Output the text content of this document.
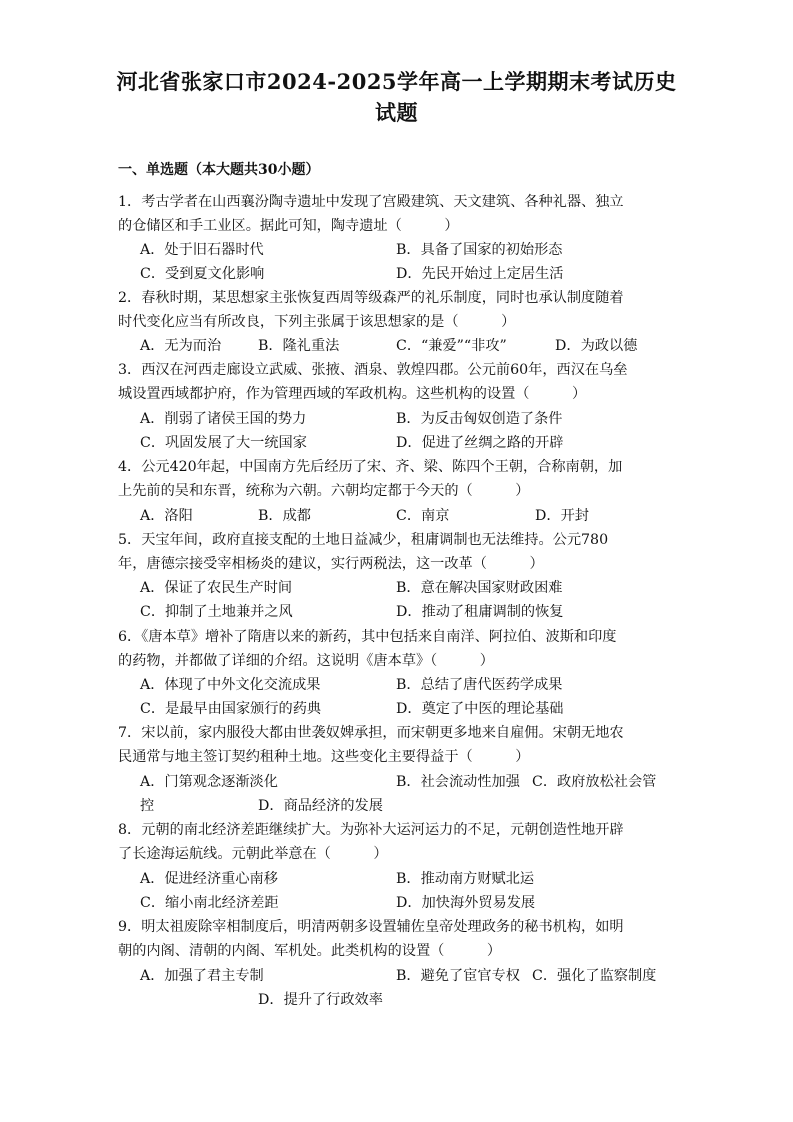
河北省张家口市2024-2025学年高一上学期期末考试历史
试题
一、单选题（本大题共30小题）
1．考古学者在山西襄汾陶寺遗址中发现了宫殿建筑、天文建筑、各种礼器、独立
的仓储区和手工业区。据此可知，陶寺遗址（　　　）
A．处于旧石器时代	B．具备了国家的初始形态
C．受到夏文化影响	D．先民开始过上定居生活
2．春秋时期，某思想家主张恢复西周等级森严的礼乐制度，同时也承认制度随着
时代变化应当有所改良，下列主张属于该思想家的是（　　　）
A．无为而治	B．隆礼重法	C．“兼爱”“非攻”	D．为政以德
3．西汉在河西走廊设立武威、张掖、酒泉、敦煌四郡。公元前60年，西汉在乌垒
城设置西域都护府，作为管理西域的军政机构。这些机构的设置（　　　）
A．削弱了诸侯王国的势力	B．为反击匈奴创造了条件
C．巩固发展了大一统国家	D．促进了丝绸之路的开辟
4．公元420年起，中国南方先后经历了宋、齐、梁、陈四个王朝，合称南朝，加
上先前的吴和东晋，统称为六朝。六朝均定都于今天的（　　　）
A．洛阳	B．成都	C．南京	D．开封
5．天宝年间，政府直接支配的土地日益减少，租庸调制也无法维持。公元780
年，唐德宗接受宰相杨炎的建议，实行两税法，这一改革（　　　）
A．保证了农民生产时间	B．意在解决国家财政困难
C．抑制了土地兼并之风	D．推动了租庸调制的恢复
6．《唐本草》增补了隋唐以来的新药，其中包括来自南洋、阿拉伯、波斯和印度
的药物，并都做了详细的介绍。这说明《唐本草》（　　　）
A．体现了中外文化交流成果	B．总结了唐代医药学成果
C．是最早由国家颁行的药典	D．奠定了中医的理论基础
7．宋以前，家内服役大都由世袭奴婢承担，而宋朝更多地来自雇佣。宋朝无地农
民通常与地主签订契约租种土地。这些变化主要得益于（　　　）
A．门第观念逐渐淡化	B．社会流动性加强 C．政府放松社会管
控	D．商品经济的发展
8．元朝的南北经济差距继续扩大。为弥补大运河运力的不足，元朝创造性地开辟
了长途海运航线。元朝此举意在（　　　）
A．促进经济重心南移	B．推动南方财赋北运
C．缩小南北经济差距	D．加快海外贸易发展
9．明太祖废除宰相制度后，明清两朝多设置辅佐皇帝处理政务的秘书机构，如明
朝的内阁、清朝的内阁、军机处。此类机构的设置（　　　）
A．加强了君主专制	B．避免了宦官专权 C．强化了监察制度
D．提升了行政效率
